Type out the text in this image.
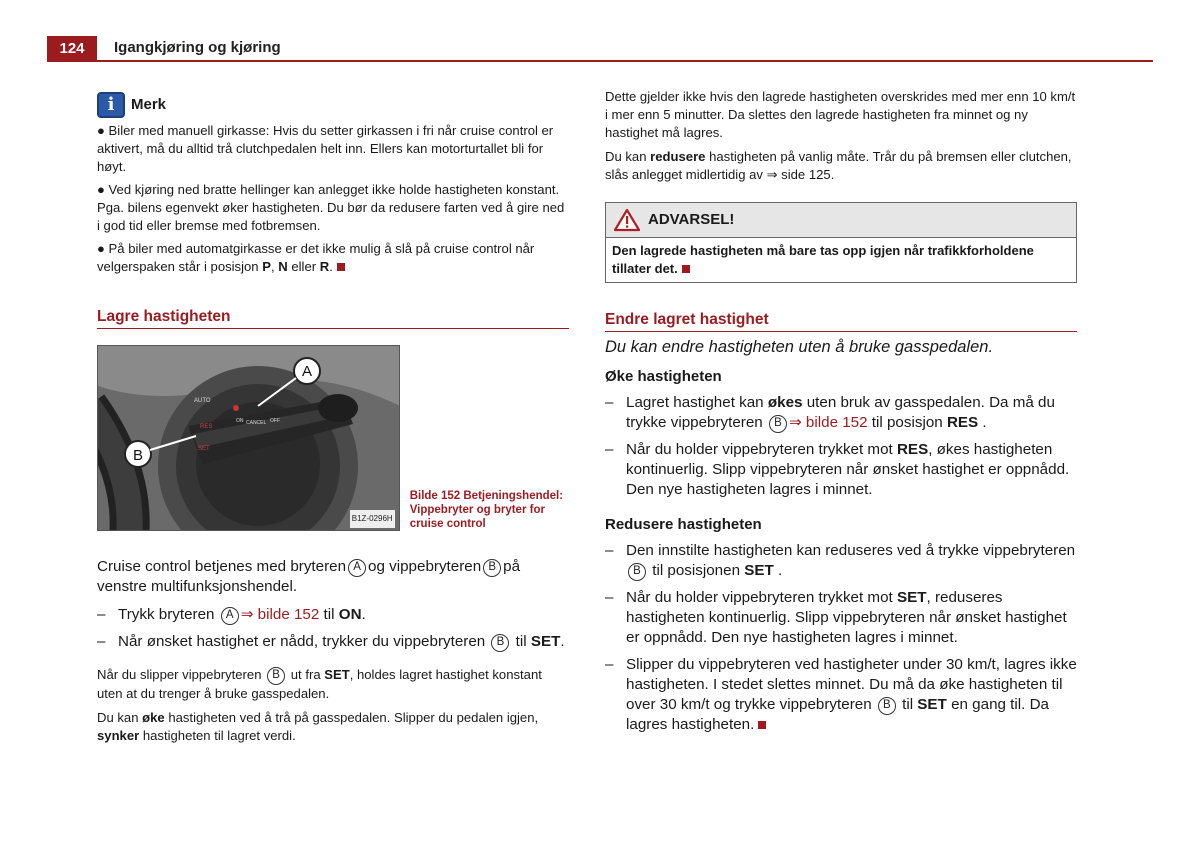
124	Igangkjøring og kjøring
i	Merk

● Biler med manuell girkasse: Hvis du setter girkassen i fri når cruise control er aktivert, må du alltid trå clutchpedalen helt inn. Ellers kan motorturtallet bli for høyt.

● Ved kjøring ned bratte hellinger kan anlegget ikke holde hastigheten konstant. Pga. bilens egenvekt øker hastigheten. Du bør da redusere farten ved å gire ned i god tid eller bremse med fotbremsen.

● På biler med automatgirkasse er det ikke mulig å slå på cruise control når velgerspaken står i posisjon P, N eller R.

Lagre hastigheten
AUTO
RES
SET
ON CANCEL OFF
A
B
B1Z-0296H
Bilde 152 Betjeningshendel: Vippebryter og bryter for cruise control
Cruise control betjenes med bryteren A og vippebryteren B på venstre multifunksjonshendel.
– Trykk bryteren A ⇒ bilde 152 til ON.
– Når ønsket hastighet er nådd, trykker du vippebryteren B til SET.

Når du slipper vippebryteren B ut fra SET, holdes lagret hastighet konstant uten at du trenger å bruke gasspedalen.

Du kan øke hastigheten ved å trå på gasspedalen. Slipper du pedalen igjen, synker hastigheten til lagret verdi.

Dette gjelder ikke hvis den lagrede hastigheten overskrides med mer enn 10 km/t i mer enn 5 minutter. Da slettes den lagrede hastigheten fra minnet og ny hastighet må lagres.

Du kan redusere hastigheten på vanlig måte. Trår du på bremsen eller clutchen, slås anlegget midlertidig av ⇒ side 125.

ADVARSEL!
Den lagrede hastigheten må bare tas opp igjen når trafikkforholdene tillater det.
Endre lagret hastighet
Du kan endre hastigheten uten å bruke gasspedalen.
Øke hastigheten
– Lagret hastighet kan økes uten bruk av gasspedalen. Da må du trykke vippebryteren B ⇒ bilde 152 til posisjon RES .
– Når du holder vippebryteren trykket mot RES, økes hastigheten kontinuerlig. Slipp vippebryteren når ønsket hastighet er oppnådd. Den nye hastigheten lagres i minnet.
Redusere hastigheten
– Den innstilte hastigheten kan reduseres ved å trykke vippebryteren B til posisjonen SET .
– Når du holder vippebryteren trykket mot SET, reduseres hastigheten kontinuerlig. Slipp vippebryteren når ønsket hastighet er oppnådd. Den nye hastigheten lagres i minnet.
– Slipper du vippebryteren ved hastigheter under 30 km/t, lagres ikke hastigheten. I stedet slettes minnet. Du må da øke hastigheten til over 30 km/t og trykke vippebryteren B til SET en gang til. Da lagres hastigheten.
